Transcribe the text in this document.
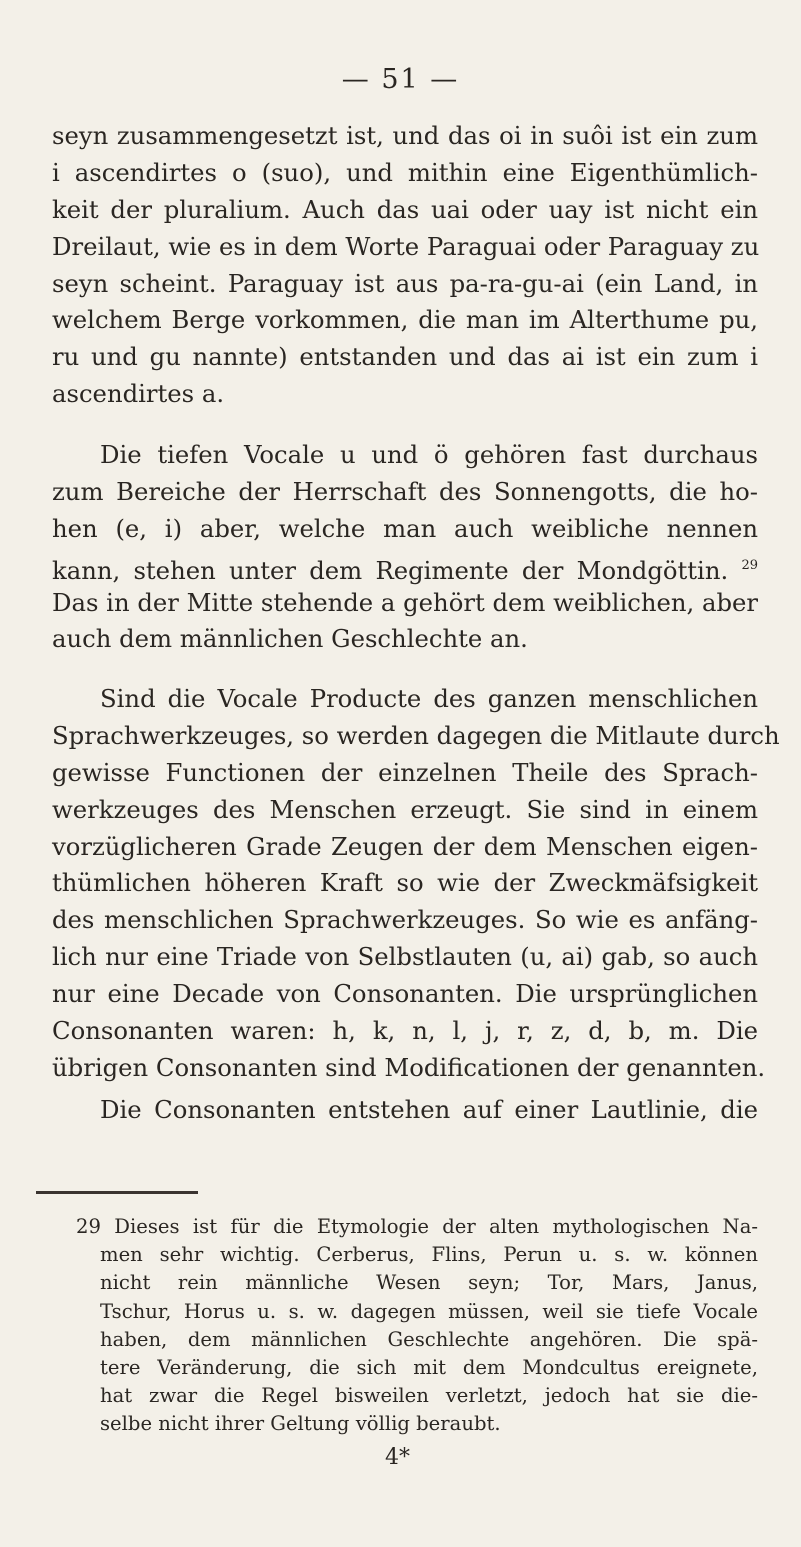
— 51 —
seyn zusammengesetzt ist, und das oi in suôi ist ein zum
i ascendirtes o (suo), und mithin eine Eigenthümlich-
keit der pluralium. Auch das uai oder uay ist nicht ein
Dreilaut, wie es in dem Worte Paraguai oder Paraguay zu
seyn scheint. Paraguay ist aus pa-ra-gu-ai (ein Land, in
welchem Berge vorkommen, die man im Alterthume pu,
ru und gu nannte) entstanden und das ai ist ein zum i
ascendirtes a.
Die tiefen Vocale u und ö gehören fast durchaus
zum Bereiche der Herrschaft des Sonnengotts, die ho-
hen (e, i) aber, welche man auch weibliche nennen
kann, stehen unter dem Regimente der Mondgöttin. $^{29}$
Das in der Mitte stehende a gehört dem weiblichen, aber
auch dem männlichen Geschlechte an.
Sind die Vocale Producte des ganzen menschlichen
Sprachwerkzeuges, so werden dagegen die Mitlaute durch
gewisse Functionen der einzelnen Theile des Sprach-
werkzeuges des Menschen erzeugt. Sie sind in einem
vorzüglicheren Grade Zeugen der dem Menschen eigen-
thümlichen höheren Kraft so wie der Zweckmäfsigkeit
des menschlichen Sprachwerkzeuges. So wie es anfäng-
lich nur eine Triade von Selbstlauten (u, ai) gab, so auch
nur eine Decade von Consonanten. Die ursprünglichen
Consonanten waren: h, k, n, l, j, r, z, d, b, m. Die
übrigen Consonanten sind Modificationen der genannten.
Die Consonanten entstehen auf einer Lautlinie, die
29 Dieses ist für die Etymologie der alten mythologischen Na-
men sehr wichtig. Cerberus, Flins, Perun u. s. w. können
nicht rein männliche Wesen seyn; Tor, Mars, Janus,
Tschur, Horus u. s. w. dagegen müssen, weil sie tiefe Vocale
haben, dem männlichen Geschlechte angehören. Die spä-
tere Veränderung, die sich mit dem Mondcultus ereignete,
hat zwar die Regel bisweilen verletzt, jedoch hat sie die-
selbe nicht ihrer Geltung völlig beraubt.
4*
